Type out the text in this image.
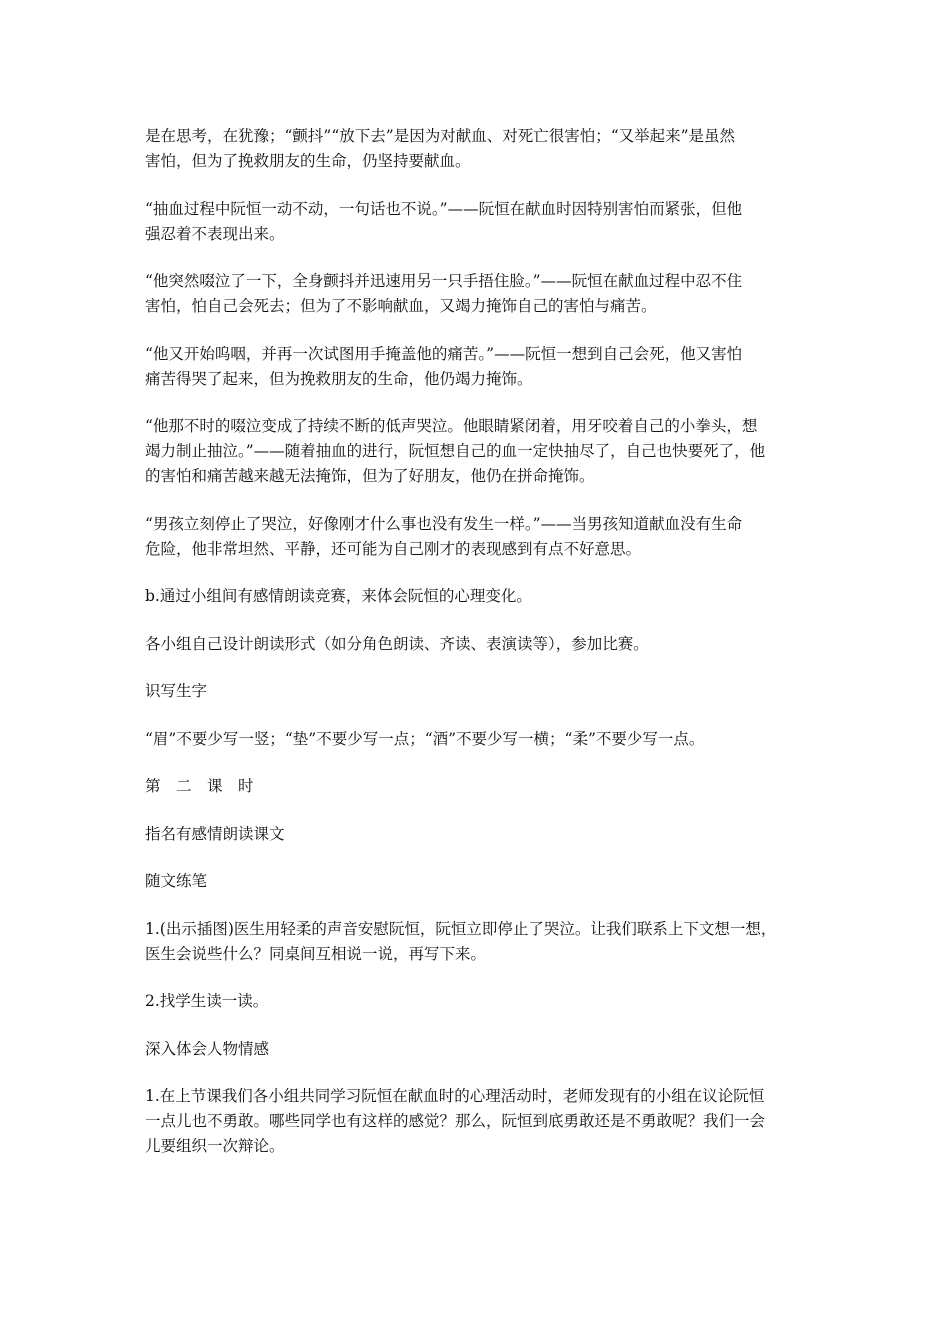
是在思考，在犹豫；“颤抖”“放下去”是因为对献血、对死亡很害怕；“又举起来”是虽然
害怕，但为了挽救朋友的生命，仍坚持要献血。

“抽血过程中阮恒一动不动，一句话也不说。”——阮恒在献血时因特别害怕而紧张，但他
强忍着不表现出来。

“他突然啜泣了一下，全身颤抖并迅速用另一只手捂住脸。”——阮恒在献血过程中忍不住
害怕，怕自己会死去；但为了不影响献血，又竭力掩饰自己的害怕与痛苦。

“他又开始呜咽，并再一次试图用手掩盖他的痛苦。”——阮恒一想到自己会死，他又害怕
痛苦得哭了起来，但为挽救朋友的生命，他仍竭力掩饰。

“他那不时的啜泣变成了持续不断的低声哭泣。他眼睛紧闭着，用牙咬着自己的小拳头，想
竭力制止抽泣。”——随着抽血的进行，阮恒想自己的血一定快抽尽了，自己也快要死了，他
的害怕和痛苦越来越无法掩饰，但为了好朋友，他仍在拼命掩饰。

“男孩立刻停止了哭泣，好像刚才什么事也没有发生一样。”——当男孩知道献血没有生命
危险，他非常坦然、平静，还可能为自己刚才的表现感到有点不好意思。

b.通过小组间有感情朗读竞赛，来体会阮恒的心理变化。

各小组自己设计朗读形式（如分角色朗读、齐读、表演读等），参加比赛。

识写生字

“眉”不要少写一竖；“垫”不要少写一点；“酒”不要少写一横；“柔”不要少写一点。

第　二　课　时

指名有感情朗读课文

随文练笔

1.(出示插图)医生用轻柔的声音安慰阮恒，阮恒立即停止了哭泣。让我们联系上下文想一想，
医生会说些什么？同桌间互相说一说，再写下来。

2.找学生读一读。

深入体会人物情感

1.在上节课我们各小组共同学习阮恒在献血时的心理活动时，老师发现有的小组在议论阮恒
一点儿也不勇敢。哪些同学也有这样的感觉？那么，阮恒到底勇敢还是不勇敢呢？我们一会
儿要组织一次辩论。
